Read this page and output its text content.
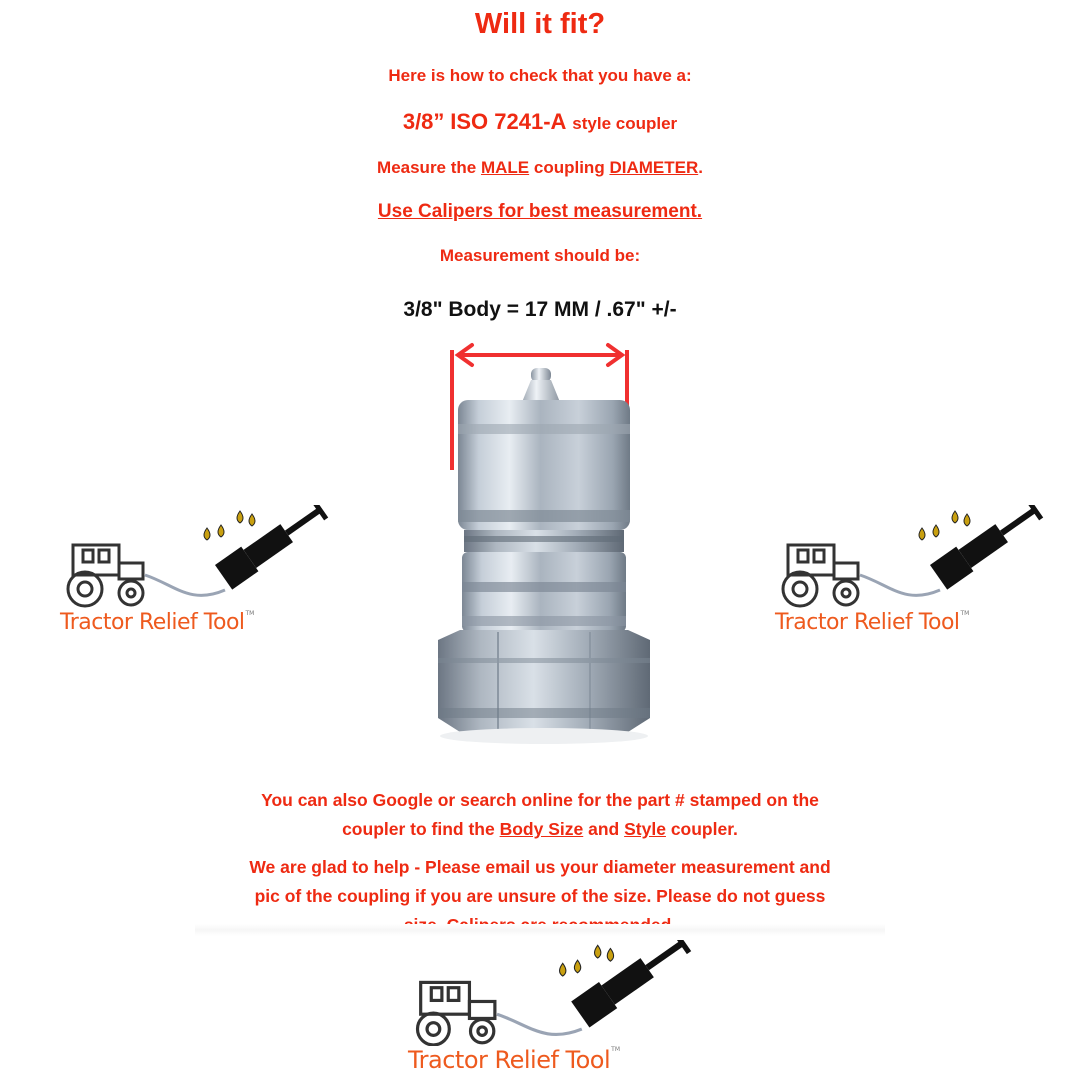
Will it fit?
Here is how to check that you have a:
3/8” ISO 7241-A style coupler
Measure the MALE coupling DIAMETER.
Use Calipers for best measurement.
Measurement should be:
3/8" Body = 17 MM / .67" +/-
You can also Google or search online for the part # stamped on the
coupler to find the Body Size and Style coupler.
We are glad to help - Please email us your diameter measurement and
pic of the coupling if you are unsure of the size. Please do not guess
Tractor Relief Tool™	Tractor Relief Tool™
Tractor Relief Tool™
